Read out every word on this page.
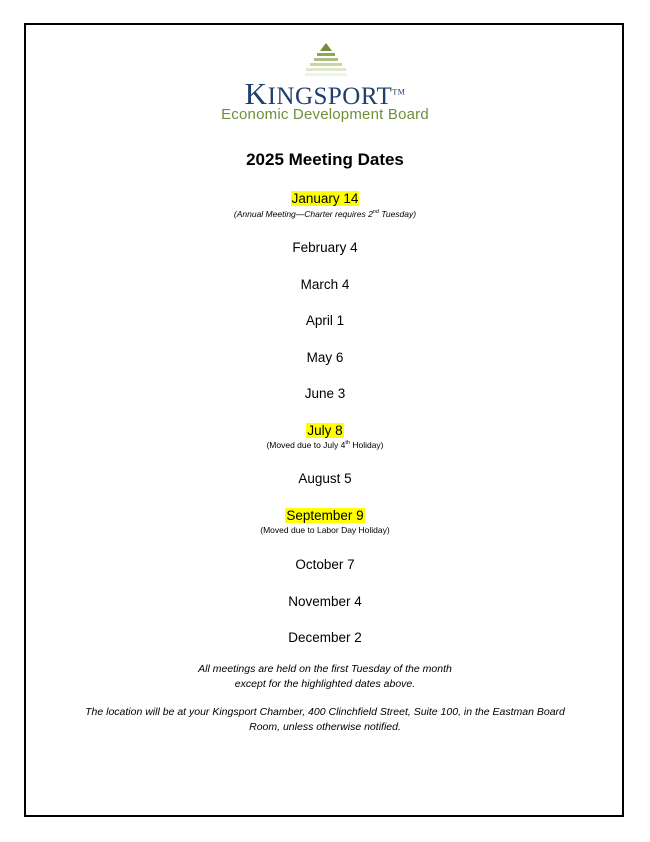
KINGSPORT™
Economic Development Board
2025 Meeting Dates
January 14
(Annual Meeting—Charter requires 2nd Tuesday)
February 4
March 4
April 1
May 6
June 3
July 8
(Moved due to July 4th Holiday)
August 5
September 9
(Moved due to Labor Day Holiday)
October 7
November 4
December 2
All meetings are held on the first Tuesday of the month
except for the highlighted dates above.
The location will be at your Kingsport Chamber, 400 Clinchfield Street, Suite 100, in the Eastman Board
Room, unless otherwise notified.
